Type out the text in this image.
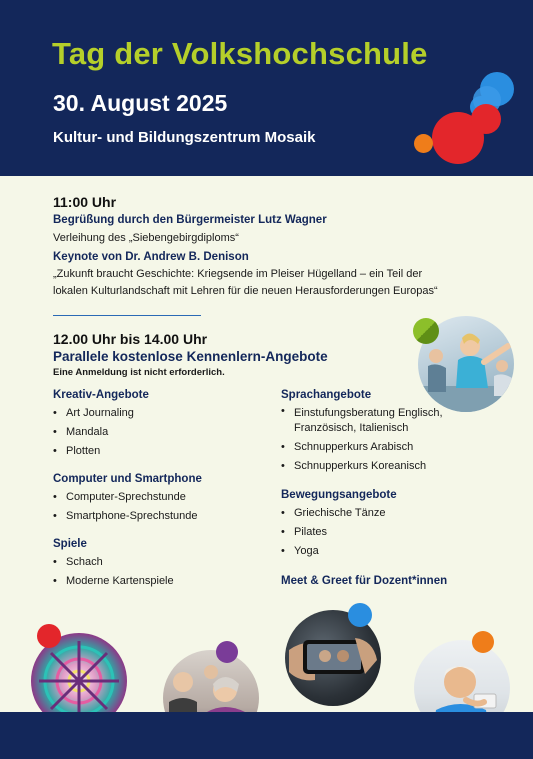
Tag der Volkshochschule
30. August 2025
Kultur- und Bildungszentrum Mosaik
11:00 Uhr
Begrüßung durch den Bürgermeister Lutz Wagner
Verleihung des „Siebengebirgdiploms“
Keynote von Dr. Andrew B. Denison
„Zukunft braucht Geschichte: Kriegsende im Pleiser Hügelland – ein Teil der
lokalen Kulturlandschaft mit Lehren für die neuen Herausforderungen Europas“
12.00 Uhr bis 14.00 Uhr
Parallele kostenlose Kennenlern-Angebote
Eine Anmeldung ist nicht erforderlich.
Kreativ-Angebote
• Art Journaling
• Mandala
• Plotten
Computer und Smartphone
• Computer-Sprechstunde
• Smartphone-Sprechstunde
Spiele
• Schach
• Moderne Kartenspiele
Sprachangebote
• Einstufungsberatung Englisch, Französisch, Italienisch
• Schnupperkurs Arabisch
• Schnupperkurs Koreanisch
Bewegungsangebote
• Griechische Tänze
• Pilates
• Yoga
Meet & Greet für Dozent*innen
